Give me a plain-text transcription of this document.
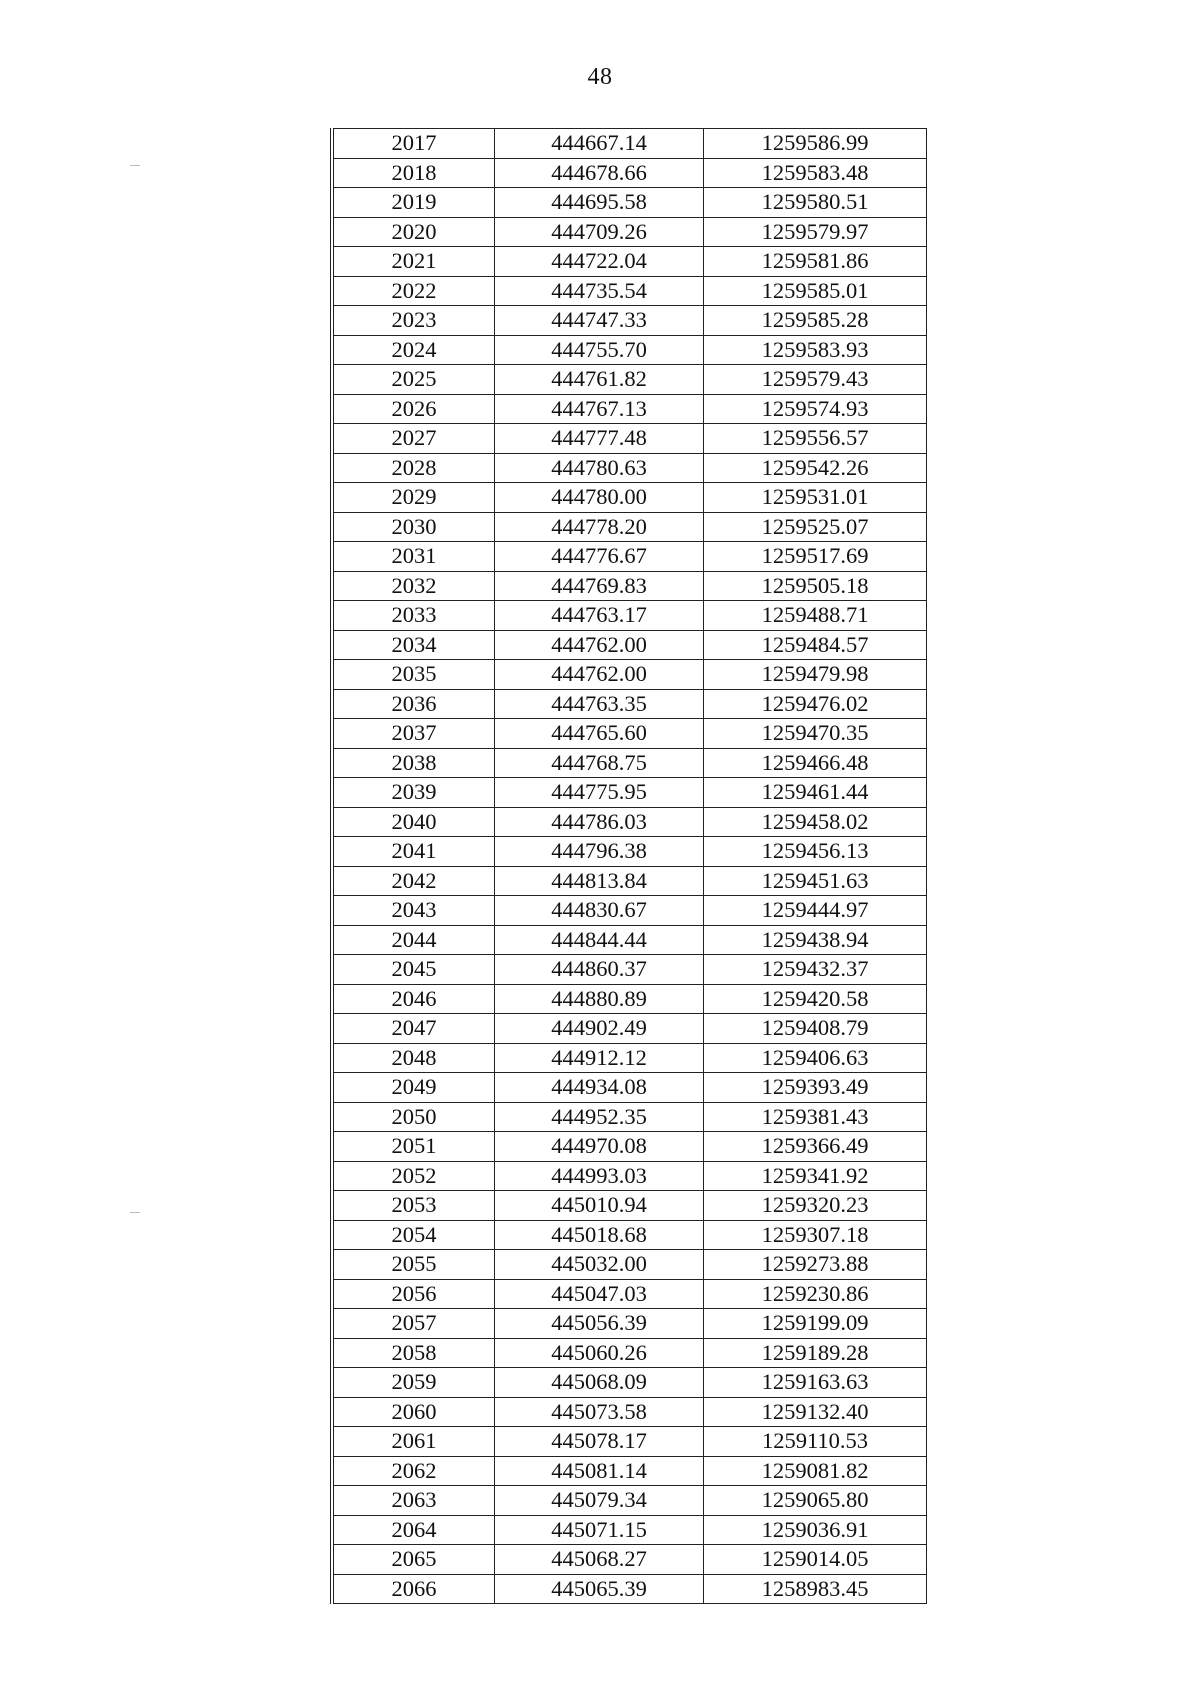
48
2017	444667.14	1259586.99
2018	444678.66	1259583.48
2019	444695.58	1259580.51
2020	444709.26	1259579.97
2021	444722.04	1259581.86
2022	444735.54	1259585.01
2023	444747.33	1259585.28
2024	444755.70	1259583.93
2025	444761.82	1259579.43
2026	444767.13	1259574.93
2027	444777.48	1259556.57
2028	444780.63	1259542.26
2029	444780.00	1259531.01
2030	444778.20	1259525.07
2031	444776.67	1259517.69
2032	444769.83	1259505.18
2033	444763.17	1259488.71
2034	444762.00	1259484.57
2035	444762.00	1259479.98
2036	444763.35	1259476.02
2037	444765.60	1259470.35
2038	444768.75	1259466.48
2039	444775.95	1259461.44
2040	444786.03	1259458.02
2041	444796.38	1259456.13
2042	444813.84	1259451.63
2043	444830.67	1259444.97
2044	444844.44	1259438.94
2045	444860.37	1259432.37
2046	444880.89	1259420.58
2047	444902.49	1259408.79
2048	444912.12	1259406.63
2049	444934.08	1259393.49
2050	444952.35	1259381.43
2051	444970.08	1259366.49
2052	444993.03	1259341.92
2053	445010.94	1259320.23
2054	445018.68	1259307.18
2055	445032.00	1259273.88
2056	445047.03	1259230.86
2057	445056.39	1259199.09
2058	445060.26	1259189.28
2059	445068.09	1259163.63
2060	445073.58	1259132.40
2061	445078.17	1259110.53
2062	445081.14	1259081.82
2063	445079.34	1259065.80
2064	445071.15	1259036.91
2065	445068.27	1259014.05
2066	445065.39	1258983.45
